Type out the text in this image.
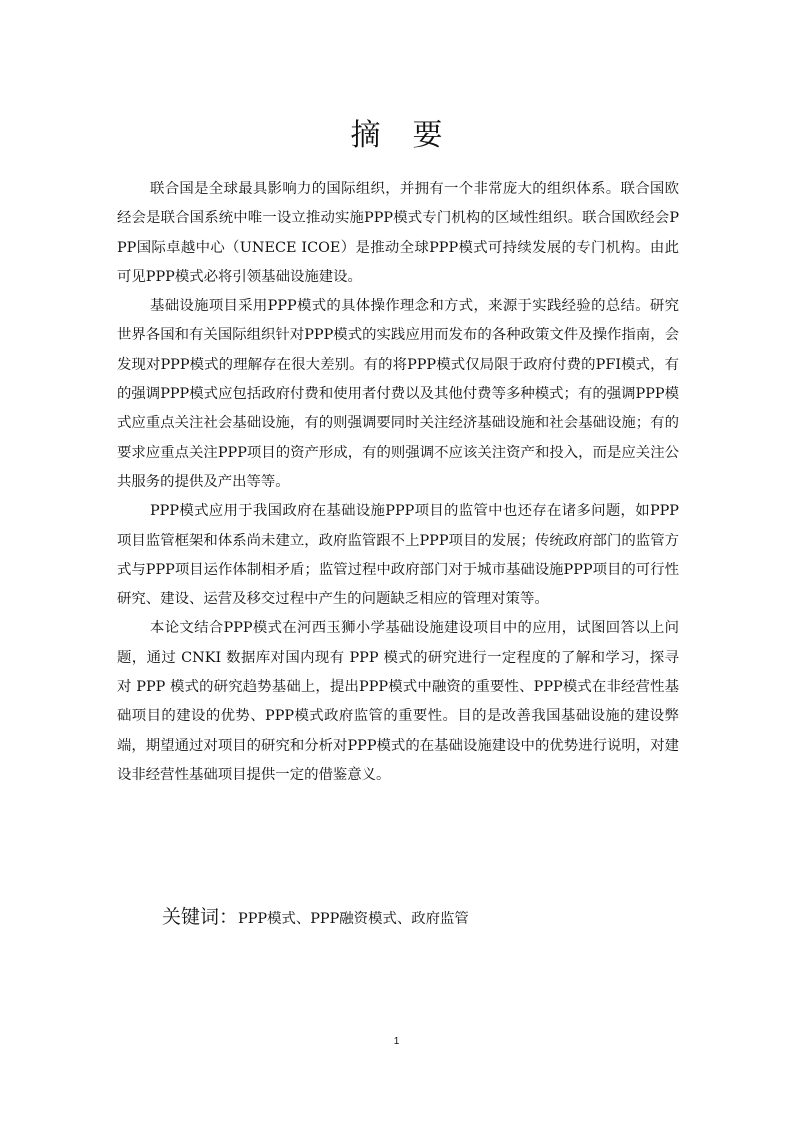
摘要

联合国是全球最具影响力的国际组织，并拥有一个非常庞大的组织体系。联合国欧经会是联合国系统中唯一设立推动实施PPP模式专门机构的区域性组织。联合国欧经会PPP国际卓越中心（UNECE ICOE）是推动全球PPP模式可持续发展的专门机构。由此可见PPP模式必将引领基础设施建设。

基础设施项目采用PPP模式的具体操作理念和方式，来源于实践经验的总结。研究世界各国和有关国际组织针对PPP模式的实践应用而发布的各种政策文件及操作指南，会发现对PPP模式的理解存在很大差别。有的将PPP模式仅局限于政府付费的PFI模式，有的强调PPP模式应包括政府付费和使用者付费以及其他付费等多种模式；有的强调PPP模式应重点关注社会基础设施，有的则强调要同时关注经济基础设施和社会基础设施；有的要求应重点关注PPP项目的资产形成，有的则强调不应该关注资产和投入，而是应关注公共服务的提供及产出等等。

PPP模式应用于我国政府在基础设施PPP项目的监管中也还存在诸多问题，如PPP项目监管框架和体系尚未建立，政府监管跟不上PPP项目的发展；传统政府部门的监管方式与PPP项目运作体制相矛盾；监管过程中政府部门对于城市基础设施PPP项目的可行性研究、建设、运营及移交过程中产生的问题缺乏相应的管理对策等。

本论文结合PPP模式在河西玉狮小学基础设施建设项目中的应用，试图回答以上问题，通过 CNKI 数据库对国内现有 PPP 模式的研究进行一定程度的了解和学习，探寻对 PPP 模式的研究趋势基础上，提出PPP模式中融资的重要性、PPP模式在非经营性基础项目的建设的优势、PPP模式政府监管的重要性。目的是改善我国基础设施的建设弊端，期望通过对项目的研究和分析对PPP模式的在基础设施建设中的优势进行说明，对建设非经营性基础项目提供一定的借鉴意义。

关键词：PPP模式、PPP融资模式、政府监管

1
